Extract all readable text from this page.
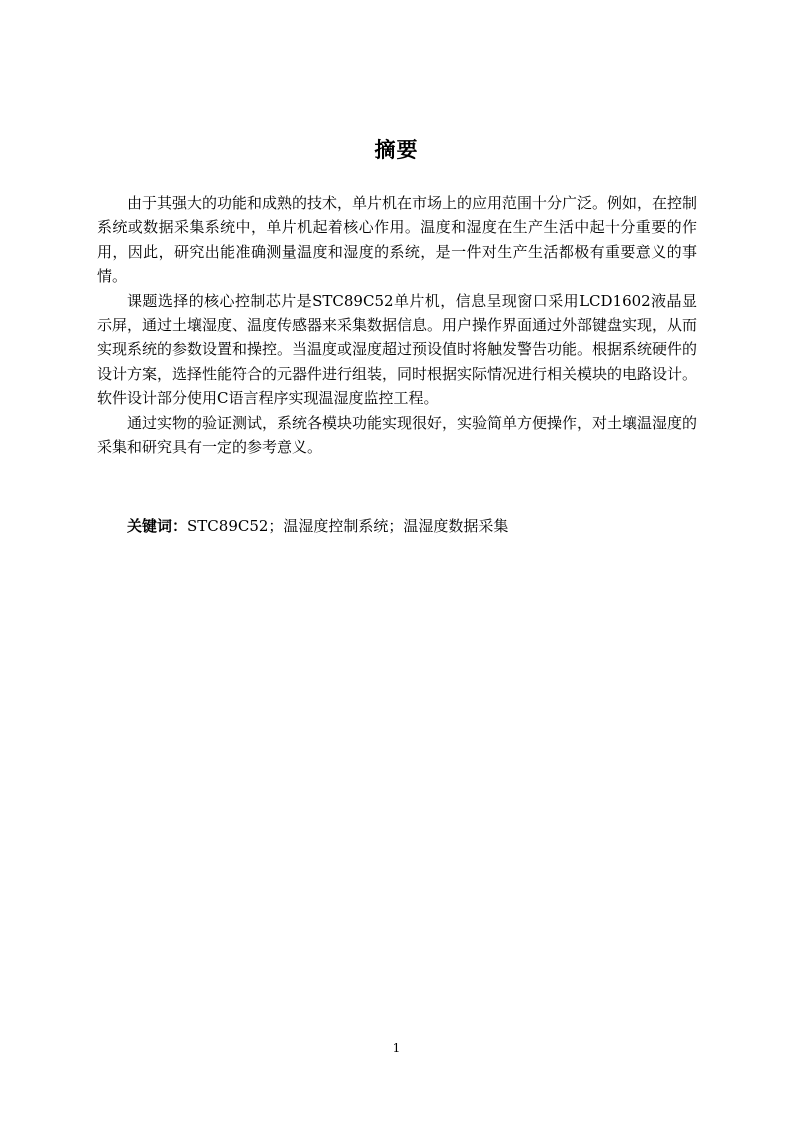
摘要

由于其强大的功能和成熟的技术，单片机在市场上的应用范围十分广泛。例如，在控制系统或数据采集系统中，单片机起着核心作用。温度和湿度在生产生活中起十分重要的作用，因此，研究出能准确测量温度和湿度的系统，是一件对生产生活都极有重要意义的事情。

课题选择的核心控制芯片是STC89C52单片机，信息呈现窗口采用LCD1602液晶显示屏，通过土壤湿度、温度传感器来采集数据信息。用户操作界面通过外部键盘实现，从而实现系统的参数设置和操控。当温度或湿度超过预设值时将触发警告功能。根据系统硬件的设计方案，选择性能符合的元器件进行组装，同时根据实际情况进行相关模块的电路设计。软件设计部分使用C语言程序实现温湿度监控工程。

通过实物的验证测试，系统各模块功能实现很好，实验简单方便操作，对土壤温湿度的采集和研究具有一定的参考意义。

关键词：STC89C52；温湿度控制系统；温湿度数据采集
1
